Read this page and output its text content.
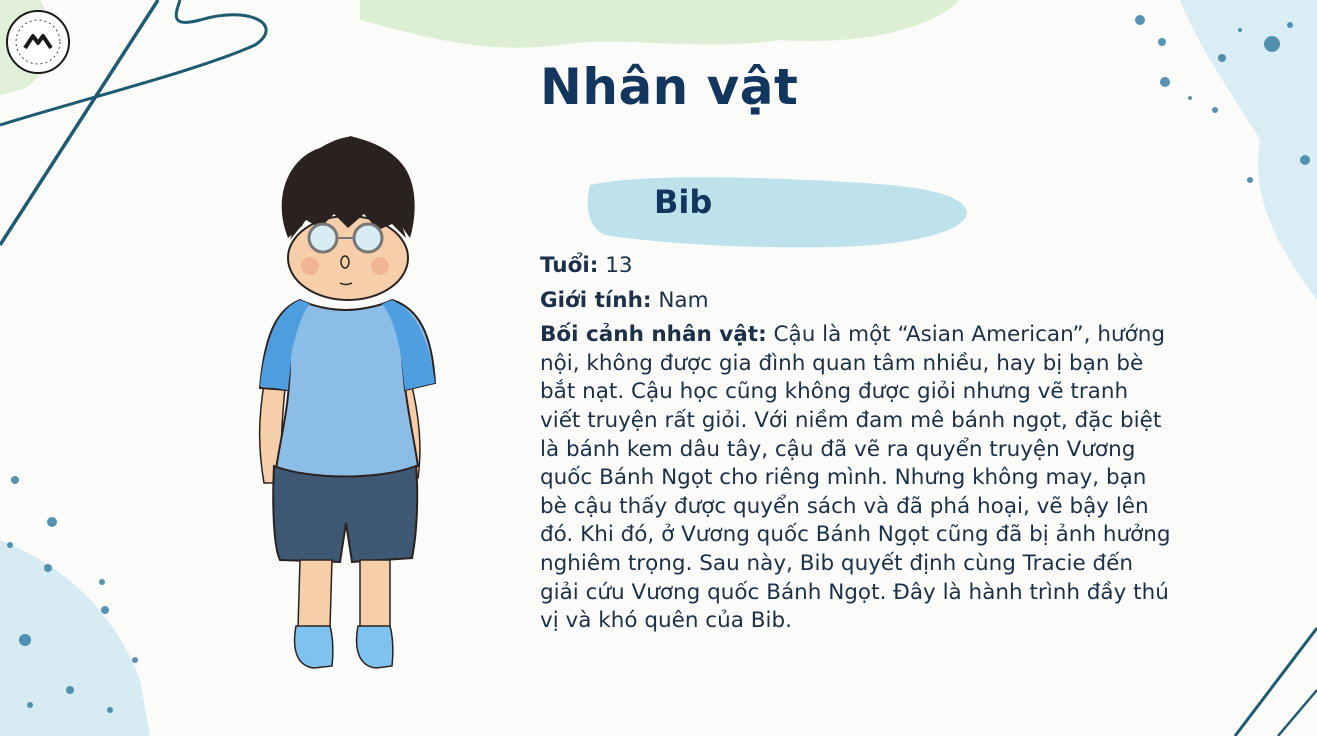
Nhân vật
Bib

Tuổi: 13

Giới tính: Nam

Bối cảnh nhân vật: Cậu là một “Asian American”, hướng nội, không được gia đình quan tâm nhiều, hay bị bạn bè bắt nạt. Cậu học cũng không được giỏi nhưng vẽ tranh viết truyện rất giỏi. Với niềm đam mê bánh ngọt, đặc biệt là bánh kem dâu tây, cậu đã vẽ ra quyển truyện Vương quốc Bánh Ngọt cho riêng mình. Nhưng không may, bạn bè cậu thấy được quyển sách và đã phá hoại, vẽ bậy lên đó. Khi đó, ở Vương quốc Bánh Ngọt cũng đã bị ảnh hưởng nghiêm trọng. Sau này, Bib quyết định cùng Tracie đến giải cứu Vương quốc Bánh Ngọt. Đây là hành trình đầy thú vị và khó quên của Bib.
